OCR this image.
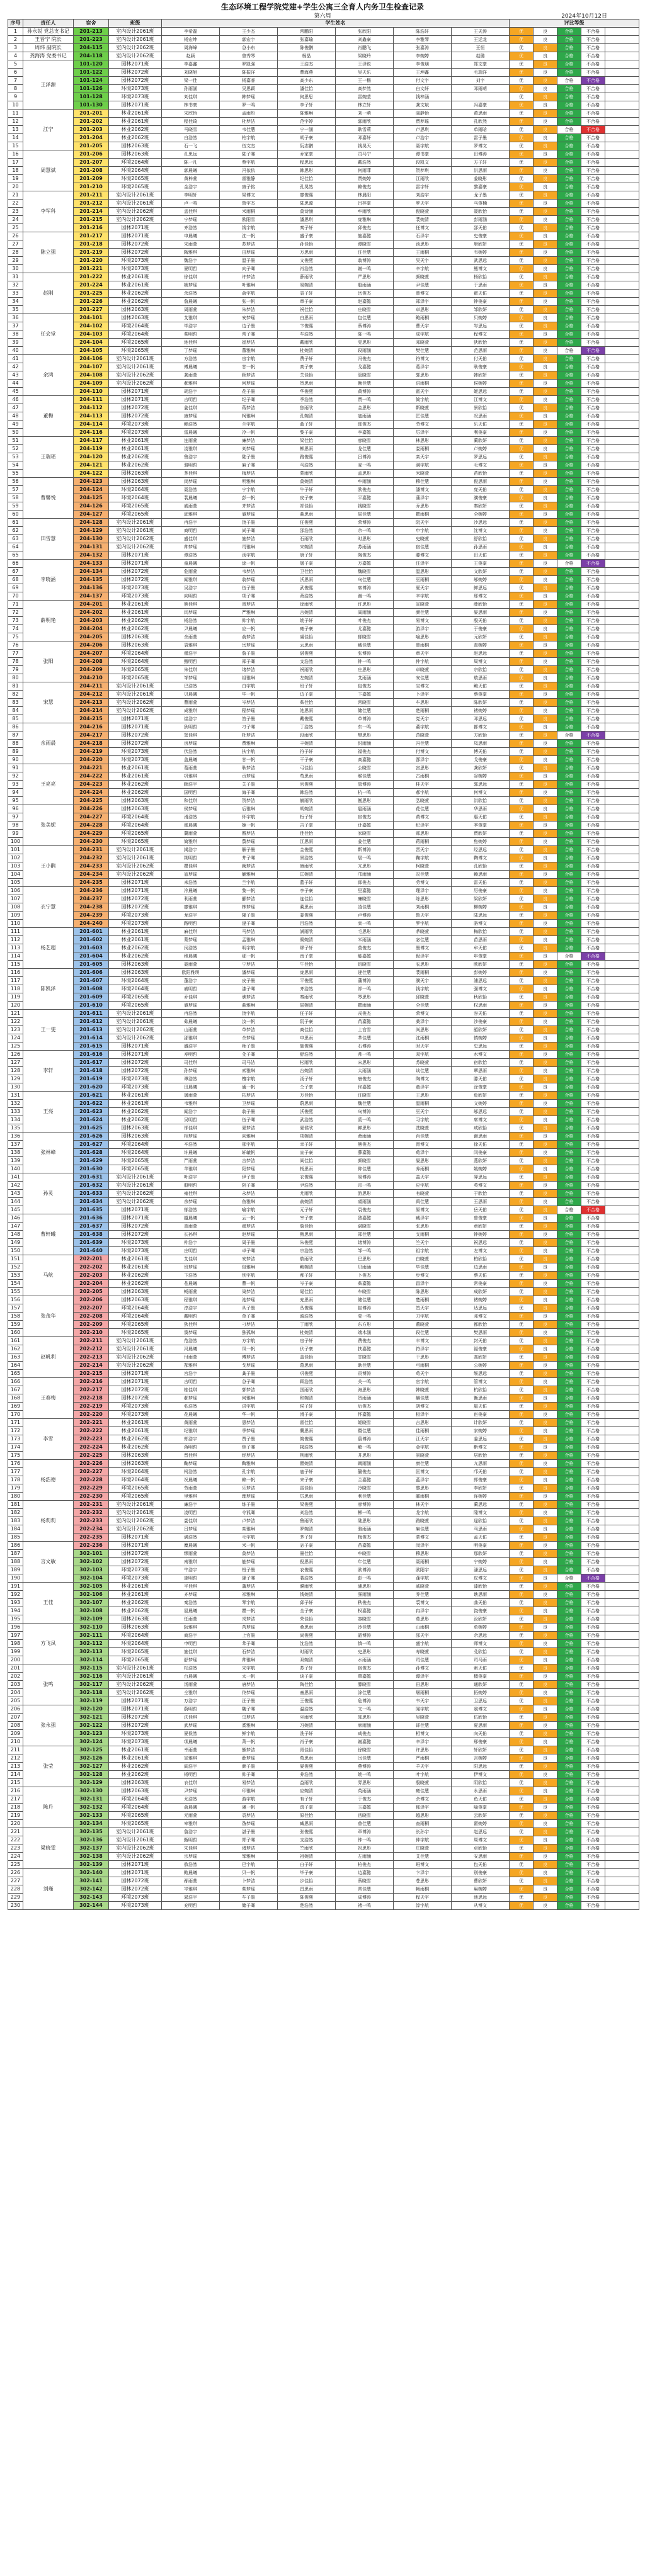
生态环境工程学院党建+学生公寓三全育人内务卫生检查记录
第六周	2024年10月12日
序号	责任人	宿舍	班级	学生姓名						评比等级				
1	孙永锐 党总支书记	201-213	室内设计2061班	李希磊	王少杰	常鹏阳	张欣阳	陈浩轩	王天涛	优	良	合格	不合格	
2	王晋宁 院长	201-223	室内设计2061班	杨宏坤	郭宏宇	张嘉瑜	刘鑫豪	李雅琴	王运龙	优	良	合格	不合格	
3	周炜 副院长	204-115	室内设计2062班	周海峰	谷小东	陈俊鹏	肖鹏飞	张嘉涛	王恒	优	良	合格	不合格	
4	龚海涛 党委书记	204-118	室内设计2062班	赵颖	曾秀琴	杨晶	梁晓玲	李婉婷	赵璐	优	良	合格	不合格	
5	王泽源	101-120	园林2071班	李嘉鑫	罗凯强	王浩杰	王泽锐	李俊朋	郑文豪	优	良	合格	不合格	
6		101-122	园林2072班	刘晓旭	陈振洋	曹海燕	吴天乐	王坤鑫	毛瑞洋	优	良	合格	不合格	
7		101-124	园林2072班	梁一佳	杨嘉睿	高少东	王一楷	付文宇	刘宇	优	良	合格	不合格	
8		101-126	环境2073班	孙雨涵	吴思颖	潘佳怡	高梦然	白文轩	邓雨萌	优	良	合格	不合格	
9		101-128	环境2073班	刘佳琪	韩梦瑶	何思思	雷婉莹	钱梓涵		优	良	合格	不合格	
10		101-130	园林2071班	林书豪	罗一鸣	李子轩	林立轩	龚文斌	冯嘉豪	优	良	合格	不合格	
11	江宁	201-201	林业2061班	宋欣怡	孟雨彤	陈雅琳	刘一萌	阎静怡	黄思雨	优	良	合格	不合格	
12		201-202	林业2061班	程佳琦	杜梦洁	范宇婷	郭雨欣	贾梦瑶	孔欣然	优	良	合格	不合格	
13		201-203	林业2062班	马晓雪	韦佳慧	宁一涵	耿雪莉	卢思琪	单雨晗	优	良	合格	不合格	
14		201-204	林业2062班	白浩然	柏宇航	胡子豪	邓嘉轩	卢浩宇	雷子墨	优	良	合格	不合格	
15		201-205	园林2063班	石一飞	伍文杰	阮志鹏	钱昊天	聂宇航	罗博文	优	良	合格	不合格	
16	周慧斌	201-206	园林2063班	孔思远	陆子骞	乔家豪	司马宁	谭书豪	田博涛	优	良	合格	不合格	
17		201-207	环境2064班	陈一凡	蔡宇航	程思远	戴浩然	段凯文	方子轩	优	良	合格	不合格	
18		201-208	环境2064班	郭晨曦	冯依依	韩思彤	何雨菲	贺梦琪	洪思雨	优	良	合格	不合格	
19		201-209	环境2065班	黄梓萱	霍雅静	纪佳怡	贾婉婷	江雨欣	姜晓彤	优	良	合格	不合格	
20		201-210	环境2065班	金浩宇	康子铭	孔昊然	赖俊杰	雷宇轩	黎嘉豪	优	良	合格	不合格	
21	李军科	201-211	室内设计2061班	李明轩	梁博文	廖俊熙	林晨阳	刘浩宇	龙子墨	优	良	合格	不合格	
22		201-212	室内设计2061班	卢一鸣	鲁宇杰	陆思源	吕梓豪	罗天宇	马俊楠	优	良	合格	不合格	
23		201-214	室内设计2062班	孟佳琪	米雨桐	莫诗涵	牟雨欣	倪晓萱	聂欣怡	优	良	合格	不合格	
24		201-215	室内设计2062班	宁梦瑶	欧阳雪	潘思琪	庞雅琳	裴婉清	彭雨涵	优	良	合格	不合格	
25		201-216	园林2071班	齐浩然	钱宇航	秦子轩	邱俊杰	任博文	邵天佑	优	良	合格	不合格	
26	陈立强	201-217	园林2071班	申晨曦	沈一帆	盛子豪	施嘉懿	石泽宇	史俊豪	优	良	合格	不合格	
27		201-218	园林2072班	宋雨萱	苏梦洁	孙佳怡	谭晓雪	汤思彤	唐欣妍	优	良	合格	不合格	
28		201-219	园林2072班	陶雅琪	田梦瑶	万思雨	汪佳慧	王雨桐	韦婉婷	优	良	合格	不合格	
29		201-220	环境2073班	魏浩宇	温子墨	文俊熙	翁博涛	吴天宇	武思远	优	良	合格	不合格	
30		201-221	环境2073班	夏明哲	向子骞	肖浩然	谢一鸣	辛宇航	熊博文	优	良	合格	不合格	
31	赵刚	201-222	林业2061班	徐佳琪	许梦洁	薛雨欣	严思彤	颜晓萱	杨欣怡	优	良	合格	不合格	
32		201-224	林业2061班	姚梦瑶	叶雅琳	易婉清	殷雨涵	尹佳慧	于思雨	优	良	合格	不合格	
33		201-225	林业2062班	余浩然	俞宇航	袁子轩	岳俊杰	曾博文	翟天佑	优	良	合格	不合格	
34		201-226	林业2062班	詹晨曦	张一帆	章子豪	赵嘉懿	郑泽宇	钟俊豪	优	良	合格	不合格	
35		201-227	园林2063班	周雨萱	朱梦洁	祝佳怡	庄晓雪	卓思彤	邹欣妍	优	良	合格	不合格	
36	任会堂	204-101	园林2063班	艾雅琪	安梦瑶	白思雨	包佳慧	鲍雨桐	贝婉婷	优	良	合格	不合格	
37		204-102	环境2064班	毕浩宇	边子墨	卞俊熙	蔡博涛	曹天宇	岑思远	优	良	合格	不合格	
38		204-103	环境2064班	柴明哲	常子骞	车浩然	陈一鸣	成宇航	程博文	优	良	合格	不合格	
39		204-104	环境2065班	池佳琪	崔梦洁	戴雨欣	党思彤	邓晓萱	狄欣怡	优	良	合格	不合格	
40		204-105	环境2065班	丁梦瑶	董雅琳	杜婉清	段雨涵	樊佳慧	范思雨	优	良	合格	不合格	
41	余鸿	204-106	室内设计2061班	方浩然	房宇航	费子轩	冯俊杰	符博文	付天佑	优	良	合格	不合格	
42		204-107	室内设计2061班	傅晨曦	甘一帆	高子豪	戈嘉懿	葛泽宇	耿俊豪	优	良	合格	不合格	
43		204-108	室内设计2062班	龚雨萱	顾梦洁	关佳怡	管晓雪	郭思彤	韩欣妍	优	良	合格	不合格	
44		204-109	室内设计2062班	郝雅琪	何梦瑶	贺思雨	衡佳慧	洪雨桐	侯婉婷	优	良	合格	不合格	
45		204-110	园林2071班	胡浩宇	花子墨	华俊熙	黄博涛	霍天宇	姬思远	优	良	合格	不合格	
46	董梅	204-111	园林2071班	吉明哲	纪子骞	季浩然	贾一鸣	简宇航	江博文	优	良	合格	不合格	
47		204-112	园林2072班	姜佳琪	蒋梦洁	焦雨欣	金思彤	靳晓萱	景欣怡	优	良	合格	不合格	
48		204-113	园林2072班	康梦瑶	柯雅琳	孔婉清	寇雨涵	匡佳慧	况思雨	优	良	合格	不合格	
49		204-114	环境2073班	赖浩然	兰宇航	蓝子轩	郎俊杰	劳博文	乐天佑	优	良	合格	不合格	
50		204-116	环境2073班	雷晨曦	冷一帆	黎子豪	李嘉懿	厉泽宇	利俊豪	优	良	合格	不合格	
51	王瑞瑶	204-117	林业2061班	连雨萱	廉梦洁	梁佳怡	廖晓雪	林思彤	蔺欣妍	优	良	合格	不合格	
52		204-119	林业2061班	凌雅琪	刘梦瑶	柳思雨	龙佳慧	娄雨桐	卢婉婷	优	良	合格	不合格	
53		204-120	林业2062班	鲁浩宇	陆子墨	路俊熙	吕博涛	栾天宇	罗思远	优	良	合格	不合格	
54		204-121	林业2062班	骆明哲	麻子骞	马浩然	麦一鸣	满宇航	毛博文	优	良	合格	不合格	
55		204-122	园林2063班	茅佳琪	梅梦洁	蒙雨欣	孟思彤	米晓萱	苗欣怡	优	良	合格	不合格	
56	曹馨悦	204-123	园林2063班	闵梦瑶	明雅琳	莫婉清	牟雨涵	穆佳慧	倪思雨	优	良	合格	不合格	
57		204-124	环境2064班	聂浩然	宁宇航	牛子轩	欧俊杰	潘博文	庞天佑	优	良	合格	不合格	
58		204-125	环境2064班	裴晨曦	彭一帆	皮子豪	平嘉懿	蒲泽宇	濮俊豪	优	良	合格	不合格	
59		204-126	环境2065班	戚雨萱	齐梦洁	祁佳怡	钱晓雪	乔思彤	秦欣妍	优	良	合格	不合格	
60		204-127	环境2065班	邱雅琪	裘梦瑶	曲思雨	屈佳慧	瞿雨桐	全婉婷	优	良	合格	不合格	
61	田雪慧	204-128	室内设计2061班	冉浩宇	饶子墨	任俊熙	荣博涛	阮天宇	沙思远	优	良	合格	不合格	
62		204-129	室内设计2061班	商明哲	尚子骞	邵浩然	佘一鸣	申宇航	沈博文	优	良	合格	不合格	
63		204-130	室内设计2062班	盛佳琪	施梦洁	石雨欣	时思彤	史晓萱	舒欣怡	优	良	合格	不合格	
64		204-131	室内设计2062班	帅梦瑶	司雅琳	宋婉清	苏雨涵	宿佳慧	孙思雨	优	良	合格	不合格	
65		204-132	园林2071班	谭浩然	汤宇航	唐子轩	陶俊杰	滕博文	田天佑	优	良	合格	不合格	
66	李晓涵	204-133	园林2071班	童晨曦	涂一帆	屠子豪	万嘉懿	汪泽宇	王俊豪	优	良	合格	不合格	
67		204-134	园林2072班	危雨萱	韦梦洁	卫佳怡	魏晓雪	温思彤	文欣妍	优	良	合格	不合格	
68		204-135	园林2072班	闻雅琪	翁梦瑶	沃思雨	乌佳慧	巫雨桐	邬婉婷	优	良	合格	不合格	
69		204-136	环境2073班	吴浩宇	伍子墨	武俊熙	席博涛	夏天宇	鲜思远	优	良	合格	不合格	
70		204-137	环境2073班	向明哲	项子骞	萧浩然	谢一鸣	辛宇航	邢博文	优	良	合格	不合格	
71	薛明艳	204-201	林业2061班	熊佳琪	胥梦洁	徐雨欣	许思彤	宣晓萱	薛欣怡	优	良	合格	不合格	
72		204-202	林业2061班	闫梦瑶	严雅琳	言婉清	阎雨涵	颜佳慧	晏思雨	优	良	合格	不合格	
73		204-203	林业2062班	杨浩然	仰宇航	姚子轩	叶俊杰	易博文	殷天佑	优	良	合格	不合格	
74		204-204	林业2062班	尹晨曦	应一帆	雍子豪	尤嘉懿	游泽宇	于俊豪	优	良	合格	不合格	
75		204-205	园林2063班	余雨萱	俞梦洁	虞佳怡	郁晓雪	喻思彤	元欣妍	优	良	合格	不合格	
76	张阳	204-206	园林2063班	袁雅琪	岳梦瑶	云思雨	臧佳慧	曾雨桐	查婉婷	优	良	合格	不合格	
77		204-207	环境2064班	翟浩宇	詹子墨	湛俊熙	张博涛	章天宇	赵思远	优	良	合格	不合格	
78		204-208	环境2064班	甄明哲	郑子骞	支浩然	钟一鸣	仲宇航	周博文	优	良	合格	不合格	
79		204-209	环境2065班	朱佳琪	诸梦洁	祝雨欣	庄思彤	卓晓萱	宗欣怡	优	良	合格	不合格	
80		204-210	环境2065班	邹梦瑶	祖雅琳	左婉清	艾雨涵	安佳慧	敖思雨	优	良	合格	不合格	
81	宋慧	204-211	室内设计2061班	巴浩然	白宇航	班子轩	包俊杰	宝博文	鲍天佑	优	良	合格	不合格	
82		204-212	室内设计2061班	贝晨曦	毕一帆	边子豪	卞嘉懿	卜泽宇	蔡俊豪	优	良	合格	不合格	
83		204-213	室内设计2062班	曹雨萱	岑梦洁	柴佳怡	常晓雪	车思彤	陈欣妍	优	良	合格	不合格	
84		204-214	室内设计2062班	成雅琪	程梦瑶	池思雨	储佳慧	楚雨桐	褚婉婷	优	良	合格	不合格	
85		204-215	园林2071班	崔浩宇	笪子墨	戴俊熙	单博涛	党天宇	邓思远	优	良	合格	不合格	
86	余雨晨	204-216	园林2071班	狄明哲	刁子骞	丁浩然	东一鸣	董宇航	都博文	优	良	合格	不合格	
87		204-217	园林2072班	窦佳琪	杜梦洁	段雨欣	樊思彤	范晓萱	方欣怡	优	良	合格	不合格	
88		204-218	园林2072班	房梦瑶	费雅琳	丰婉清	封雨涵	冯佳慧	凤思雨	优	良	合格	不合格	
89		204-219	环境2073班	伏浩然	扶宇航	符子轩	福俊杰	付博文	傅天佑	优	良	合格	不合格	
90		204-220	环境2073班	盖晨曦	甘一帆	干子豪	高嘉懿	郜泽宇	戈俊豪	优	良	合格	不合格	
91	王亮亮	204-221	林业2061班	葛雨萱	耿梦洁	弓佳怡	公晓雪	宫思彤	龚欣妍	优	良	合格	不合格	
92		204-222	林业2061班	巩雅琪	贡梦瑶	苟思雨	缑佳慧	古雨桐	谷婉婷	优	良	合格	不合格	
93		204-223	林业2062班	顾浩宇	关子墨	官俊熙	管博涛	桂天宇	郭思远	优	良	合格	不合格	
94		204-224	林业2062班	国明哲	海子骞	韩浩然	杭一鸣	郝宇航	何博文	优	良	合格	不合格	
95		204-225	园林2063班	和佳琪	贺梦洁	赫雨欣	衡思彤	弘晓萱	洪欣怡	优	良	合格	不合格	
96	张美妮	204-226	园林2063班	侯梦瑶	后雅琳	胡婉清	扈雨涵	花佳慧	华思雨	优	良	合格	不合格	
97		204-227	环境2064班	滑浩然	怀宇航	桓子轩	宦俊杰	黄博文	惠天佑	优	良	合格	不合格	
98		204-228	环境2064班	霍晨曦	姬一帆	吉子豪	计嘉懿	纪泽宇	季俊豪	优	良	合格	不合格	
99		204-229	环境2065班	冀雨萱	暨梦洁	佳佳怡	家晓雪	郏思彤	贾欣妍	优	良	合格	不合格	
100		204-230	环境2065班	简雅琪	翦梦瑶	江思雨	姜佳慧	蒋雨桐	焦婉婷	优	良	合格	不合格	
101	王小鹃	204-231	室内设计2061班	揭浩宇	解子墨	金俊熙	靳博涛	晋天宇	经思远	优	良	合格	不合格	
102		204-232	室内设计2061班	荆明哲	井子骞	景浩然	居一鸣	鞠宇航	鞫博文	优	良	合格	不合格	
103		204-233	室内设计2062班	瞿佳琪	阚梦洁	康雨欣	亢思彤	柯晓萱	孔欣怡	优	良	合格	不合格	
104		204-234	室内设计2062班	寇梦瑶	蒯雅琳	匡婉清	邝雨涵	况佳慧	赖思雨	优	良	合格	不合格	
105		204-235	园林2071班	来浩然	兰宇航	蓝子轩	郎俊杰	劳博文	雷天佑	优	良	合格	不合格	
106	衣宁慧	204-236	园林2071班	冷晨曦	黎一帆	李子豪	里嘉懿	理泽宇	厉俊豪	优	良	合格	不合格	
107		204-237	园林2072班	利雨萱	郦梦洁	连佳怡	廉晓雪	练思彤	梁欣妍	优	良	合格	不合格	
108		204-238	园林2072班	廖雅琪	林梦瑶	蔺思雨	凌佳慧	刘雨桐	柳婉婷	优	良	合格	不合格	
109		204-239	环境2073班	龙浩宇	隆子墨	娄俊熙	卢博涛	鲁天宇	陆思远	优	良	合格	不合格	
110		204-240	环境2073班	路明哲	逯子骞	吕浩然	栾一鸣	罗宇航	骆博文	优	良	合格	不合格	
111	杨艺超	201-601	林业2061班	麻佳琪	马梦洁	满雨欣	毛思彤	茅晓萱	梅欣怡	优	良	合格	不合格	
112		201-602	林业2061班	蒙梦瑶	孟雅琳	糜婉清	米雨涵	宓佳慧	苗思雨	优	良	合格	不合格	
113		201-603	林业2062班	闵浩然	明宇航	缪子轩	莫俊杰	墨博文	牟天佑	优	良	合格	不合格	
114		201-604	林业2062班	穆晨曦	那一帆	南子豪	能嘉懿	倪泽宇	年俊豪	优	良	合格	不合格	
115		201-605	园林2063班	聂雨萱	宁梦洁	牛佳怡	钮晓雪	农思彤	欧欣妍	优	良	合格	不合格	
116	陈凯泽	201-606	园林2063班	欧阳雅琪	潘梦瑶	庞思雨	逄佳慧	裴雨桐	彭婉婷	优	良	合格	不合格	
117		201-607	环境2064班	蓬浩宇	皮子墨	平俊熙	蒲博涛	濮天宇	浦思远	优	良	合格	不合格	
118		201-608	环境2064班	戚明哲	漆子骞	齐浩然	祁一鸣	钱宇航	强博文	优	良	合格	不合格	
119		201-609	环境2065班	乔佳琪	谯梦洁	秦雨欣	琴思彤	邱晓萱	秋欣怡	优	良	合格	不合格	
120		201-610	环境2065班	裘梦瑶	曲雅琳	屈婉清	瞿雨涵	全佳慧	权思雨	优	良	合格	不合格	
121	王一雯	201-611	室内设计2061班	冉浩然	饶宇航	任子轩	戎俊杰	荣博文	容天佑	优	良	合格	不合格	
122		201-612	室内设计2061班	茹晨曦	汝一帆	阮子豪	芮嘉懿	桑泽宇	沙俊豪	优	良	合格	不合格	
123		201-613	室内设计2062班	山雨萱	单梦洁	商佳怡	上官雪	尚思彤	韶欣妍	优	良	合格	不合格	
124		201-614	室内设计2062班	邵雅琪	佘梦瑶	申思雨	莘佳慧	沈雨桐	慎婉婷	优	良	合格	不合格	
125		201-615	园林2071班	盛浩宇	师子墨	施俊熙	石博涛	时天宇	史思远	优	良	合格	不合格	
126	李轩	201-616	园林2071班	寿明哲	殳子骞	舒浩然	帅一鸣	双宇航	水博文	优	良	合格	不合格	
127		201-617	园林2072班	司佳琪	司马洁	松雨欣	宋思彤	苏晓萱	宿欣怡	优	良	合格	不合格	
128		201-618	园林2072班	孙梦瑶	索雅琳	台婉清	太雨涵	谈佳慧	覃思雨	优	良	合格	不合格	
129		201-619	环境2073班	谭浩然	檀宇航	汤子轩	唐俊杰	陶博文	滕天佑	优	良	合格	不合格	
130		201-620	环境2073班	田晨曦	通一帆	仝子豪	佟嘉懿	童泽宇	涂俊豪	优	良	合格	不合格	
131	王亮	201-621	林业2061班	屠雨萱	拓梦洁	万佳怡	汪晓雪	王思彤	危欣妍	优	良	合格	不合格	
132		201-622	林业2061班	韦雅琪	卫梦瑶	蔚思雨	魏佳慧	温雨桐	文婉婷	优	良	合格	不合格	
133		201-623	林业2062班	闻浩宇	翁子墨	沃俊熙	乌博涛	巫天宇	邬思远	优	良	合格	不合格	
134		201-624	林业2062班	吴明哲	伍子骞	武浩然	奚一鸣	习宇航	席博文	优	良	合格	不合格	
135		201-625	园林2063班	郤佳琪	夏梦洁	夏侯欣	鲜思彤	冼晓萱	咸欣怡	优	良	合格	不合格	
136	张林峰	201-626	园林2063班	相梦瑶	向雅琳	项婉清	萧雨涵	肖佳慧	谢思雨	优	良	合格	不合格	
137		201-627	环境2064班	辛浩然	邢宇航	幸子轩	熊俊杰	胥博文	徐天佑	优	良	合格	不合格	
138		201-628	环境2064班	许晨曦	轩辕帆	宣子豪	薛嘉懿	荀泽宇	闫俊豪	优	良	合格	不合格	
139		201-629	环境2065班	严雨萱	言梦洁	阎佳怡	颜晓雪	晏思彤	燕欣妍	优	良	合格	不合格	
140		201-630	环境2065班	羊雅琪	阳梦瑶	杨思雨	仰佳慧	养雨桐	姚婉婷	优	良	合格	不合格	
141	孙灵	201-631	室内设计2061班	叶浩宇	伊子墨	衣俊熙	易博涛	益天宇	羿思远	优	良	合格	不合格	
142		201-632	室内设计2061班	殷明哲	阴子骞	尹浩然	印一鸣	应宇航	英博文	优	良	合格	不合格	
143		201-633	室内设计2062班	雍佳琪	永梦洁	尤雨欣	游思彤	有晓萱	于欣怡	优	良	合格	不合格	
144		201-634	室内设计2062班	余梦瑶	鱼雅琳	俞婉清	虞雨涵	禹佳慧	玉思雨	优	良	合格	不合格	
145		201-635	园林2071班	郁浩然	喻宇航	元子轩	袁俊杰	原博文	岳天佑	优	良	合格	不合格	
146	曹轩曦	201-636	园林2071班	越晨曦	云一帆	宰子豪	昝嘉懿	臧泽宇	曾俊豪	优	良	合格	不合格	
147		201-637	园林2072班	查雨萱	翟梦洁	詹佳怡	湛晓雪	张思彤	章欣妍	优	良	合格	不合格	
148		201-638	园林2072班	长孙琪	赵梦瑶	甄思雨	郑佳慧	支雨桐	钟婉婷	优	良	合格	不合格	
149		201-639	环境2073班	仲浩宇	周子墨	朱俊熙	诸博涛	竺天宇	祝思远	优	良	合格	不合格	
150		201-640	环境2073班	庄明哲	卓子骞	宗浩然	邹一鸣	祖宇航	左博文	优	良	合格	不合格	
151	马航	202-201	林业2061班	艾佳琪	安梦洁	敖雨欣	巴思彤	白晓萱	柏欣怡	优	良	合格	不合格	
152		202-202	林业2061班	班梦瑶	包雅琳	鲍婉清	贝雨涵	毕佳慧	边思雨	优	良	合格	不合格	
153		202-203	林业2062班	卞浩然	别宇航	邴子轩	卜俊杰	步博文	蔡天佑	优	良	合格	不合格	
154		202-204	林业2062班	苍晨曦	曹一帆	岑子豪	柴嘉懿	昌泽宇	常俊豪	优	良	合格	不合格	
155		202-205	园林2063班	畅雨萱	巢梦洁	晁佳怡	车晓雪	陈思彤	成欣妍	优	良	合格	不合格	
156	张茂华	202-206	园林2063班	程雅琪	池梦瑶	充思雨	储佳慧	楚雨桐	褚婉婷	优	良	合格	不合格	
157		202-207	环境2064班	淳浩宇	从子墨	丛俊熙	崔博涛	笪天宇	达思远	优	良	合格	不合格	
158		202-208	环境2064班	戴明哲	单子骞	澹浩然	党一鸣	刀宇航	邓博文	优	良	合格	不合格	
159		202-209	环境2065班	狄佳琪	刁梦洁	丁雨欣	东方彤	董晓萱	都欣怡	优	良	合格	不合格	
160		202-210	环境2065班	窦梦瑶	独孤琳	杜婉清	端木涵	段佳慧	樊思雨	优	良	合格	不合格	
161	赵帆利	202-211	室内设计2061班	范浩然	方宇航	房子轩	费俊杰	丰博文	封天佑	优	良	合格	不合格	
162		202-212	室内设计2061班	冯晨曦	凤一帆	伏子豪	扶嘉懿	符泽宇	福俊豪	优	良	合格	不合格	
163		202-213	室内设计2062班	付雨萱	傅梦洁	盖佳怡	甘晓雪	干思彤	高欣妍	优	良	合格	不合格	
164		202-214	室内设计2062班	郜雅琪	戈梦瑶	葛思雨	耿佳慧	弓雨桐	公婉婷	优	良	合格	不合格	
165		202-215	园林2071班	宫浩宇	龚子墨	巩俊熙	贡博涛	苟天宇	缑思远	优	良	合格	不合格	
166	王春梅	202-216	园林2071班	古明哲	谷子骞	顾浩然	关一鸣	官宇航	管博文	优	良	合格	不合格	
167		202-217	园林2072班	桂佳琪	郭梦洁	国雨欣	海思彤	韩晓萱	杭欣怡	优	良	合格	不合格	
168		202-218	园林2072班	郝梦瑶	何雅琳	和婉清	贺雨涵	赫佳慧	衡思雨	优	良	合格	不合格	
169		202-219	环境2073班	弘浩然	洪宇航	侯子轩	后俊杰	胡博文	扈天佑	优	良	合格	不合格	
170		202-220	环境2073班	花晨曦	华一帆	滑子豪	怀嘉懿	桓泽宇	宦俊豪	优	良	合格	不合格	
171	李雪	202-221	林业2061班	黄雨萱	惠梦洁	霍佳怡	姬晓雪	吉思彤	计欣妍	优	良	合格	不合格	
172		202-222	林业2061班	纪雅琪	季梦瑶	冀思雨	暨佳慧	佳雨桐	家婉婷	优	良	合格	不合格	
173		202-223	林业2062班	郏浩宇	贾子墨	简俊熙	翦博涛	江天宇	姜思远	优	良	合格	不合格	
174		202-224	林业2062班	蒋明哲	焦子骞	揭浩然	解一鸣	金宇航	靳博文	优	良	合格	不合格	
175		202-225	园林2063班	晋佳琪	经梦洁	荆雨欣	井思彤	景晓萱	居欣怡	优	良	合格	不合格	
176	杨浩德	202-226	园林2063班	鞠梦瑶	鞫雅琳	瞿婉清	阚雨涵	康佳慧	亢思雨	优	良	合格	不合格	
177		202-227	环境2064班	柯浩然	孔宇航	寇子轩	蒯俊杰	匡博文	邝天佑	优	良	合格	不合格	
178		202-228	环境2064班	况晨曦	赖一帆	来子豪	兰嘉懿	蓝泽宇	郎俊豪	优	良	合格	不合格	
179		202-229	环境2065班	劳雨萱	乐梦洁	雷佳怡	冷晓雪	黎思彤	李欣妍	优	良	合格	不合格	
180		202-230	环境2065班	里雅琪	理梦瑶	厉思雨	利佳慧	郦雨桐	连婉婷	优	良	合格	不合格	
181	杨莉莉	202-231	室内设计2061班	廉浩宇	练子墨	梁俊熙	廖博涛	林天宇	蔺思远	优	良	合格	不合格	
182		202-232	室内设计2061班	凌明哲	令狐骞	刘浩然	柳一鸣	龙宇航	隆博文	优	良	合格	不合格	
183		202-233	室内设计2062班	娄佳琪	卢梦洁	鲁雨欣	陆思彤	路晓萱	逯欣怡	优	良	合格	不合格	
184		202-234	室内设计2062班	吕梦瑶	栾雅琳	罗婉清	骆雨涵	麻佳慧	马思雨	优	良	合格	不合格	
185		202-235	园林2071班	满浩然	毛宇航	茅子轩	梅俊杰	蒙博文	孟天佑	优	良	合格	不合格	
186	言文敏	202-236	园林2071班	糜晨曦	米一帆	宓子豪	苗嘉懿	闵泽宇	明俊豪	优	良	合格	不合格	
187		302-101	园林2072班	缪雨萱	莫梦洁	墨佳怡	牟晓雪	穆思彤	那欣妍	优	良	合格	不合格	
188		302-102	园林2072班	南雅琪	能梦瑶	倪思雨	年佳慧	聂雨桐	宁婉婷	优	良	合格	不合格	
189		302-103	环境2073班	牛浩宇	钮子墨	农俊熙	欧博涛	欧阳宇	潘思远	优	良	合格	不合格	
190		302-104	环境2073班	庞明哲	逄子骞	裴浩然	彭一鸣	蓬宇航	皮博文	优	良	合格	不合格	
191	王佳	302-105	林业2061班	平佳琪	蒲梦洁	濮雨欣	浦思彤	戚晓萱	漆欣怡	优	良	合格	不合格	
192		302-106	林业2061班	齐梦瑶	祁雅琳	钱婉清	强雨涵	乔佳慧	谯思雨	优	良	合格	不合格	
193		302-107	林业2062班	秦浩然	琴宇航	邱子轩	秋俊杰	裘博文	曲天佑	优	良	合格	不合格	
194		302-108	林业2062班	屈晨曦	瞿一帆	全子豪	权嘉懿	冉泽宇	饶俊豪	优	良	合格	不合格	
195		302-109	园林2063班	任雨萱	戎梦洁	荣佳怡	容晓雪	茹思彤	汝欣妍	优	良	合格	不合格	
196	方飞凤	302-110	园林2063班	阮雅琪	芮梦瑶	桑思雨	沙佳慧	山雨桐	单婉婷	优	良	合格	不合格	
197		302-111	环境2064班	商浩宇	上官墨	尚俊熙	韶博涛	邵天宇	佘思远	优	良	合格	不合格	
198		302-112	环境2064班	申明哲	莘子骞	沈浩然	慎一鸣	盛宇航	师博文	优	良	合格	不合格	
199		302-113	环境2065班	施佳琪	石梦洁	时雨欣	史思彤	寿晓萱	殳欣怡	优	良	合格	不合格	
200		302-114	环境2065班	舒梦瑶	帅雅琳	双婉清	水雨涵	司佳慧	司马雨	优	良	合格	不合格	
201	张鸣	302-115	室内设计2061班	松浩然	宋宇航	苏子轩	宿俊杰	孙博文	索天佑	优	良	合格	不合格	
202		302-116	室内设计2061班	台晨曦	太一帆	谈子豪	覃嘉懿	谭泽宇	檀俊豪	优	良	合格	不合格	
203		302-117	室内设计2062班	汤雨萱	唐梦洁	陶佳怡	滕晓雪	田思彤	通欣妍	优	良	合格	不合格	
204		302-118	室内设计2062班	仝雅琪	佟梦瑶	童思雨	涂佳慧	屠雨桐	拓婉婷	优	良	合格	不合格	
205		302-119	园林2071班	万浩宇	汪子墨	王俊熙	危博涛	韦天宇	卫思远	优	良	合格	不合格	
206	张永强	302-120	园林2071班	蔚明哲	魏子骞	温浩然	文一鸣	闻宇航	翁博文	优	良	合格	不合格	
207		302-121	园林2072班	沃佳琪	乌梦洁	巫雨欣	邬思彤	吴晓萱	伍欣怡	优	良	合格	不合格	
208		302-122	园林2072班	武梦瑶	奚雅琳	习婉清	席雨涵	郤佳慧	夏思雨	优	良	合格	不合格	
209		302-123	环境2073班	夏侯然	鲜宇航	冼子轩	咸俊杰	相博文	向天佑	优	良	合格	不合格	
210		302-124	环境2073班	项晨曦	萧一帆	肖子豪	谢嘉懿	辛泽宇	邢俊豪	优	良	合格	不合格	
211	张莹	302-125	林业2061班	幸雨萱	熊梦洁	胥佳怡	徐晓雪	许思彤	轩欣妍	优	良	合格	不合格	
212		302-126	林业2061班	宣雅琪	薛梦瑶	荀思雨	闫佳慧	严雨桐	言婉婷	优	良	合格	不合格	
213		302-127	林业2062班	阎浩宇	颜子墨	晏俊熙	燕博涛	羊天宇	阳思远	优	良	合格	不合格	
214		302-128	林业2062班	杨明哲	仰子骞	养浩然	姚一鸣	叶宇航	伊博文	优	良	合格	不合格	
215		302-129	园林2063班	衣佳琪	易梦洁	益雨欣	羿思彤	殷晓萱	阴欣怡	优	良	合格	不合格	
216	陈丹	302-130	园林2063班	尹梦瑶	印雅琳	应婉清	英雨涵	雍佳慧	永思雨	优	良	合格	不合格	
217		302-131	环境2064班	尤浩然	游宇航	有子轩	于俊杰	余博文	鱼天佑	优	良	合格	不合格	
218		302-132	环境2064班	俞晨曦	虞一帆	禹子豪	玉嘉懿	郁泽宇	喻俊豪	优	良	合格	不合格	
219		302-133	环境2065班	元雨萱	袁梦洁	原佳怡	岳晓雪	越思彤	云欣妍	优	良	合格	不合格	
220		302-134	环境2065班	宰雅琪	昝梦瑶	臧思雨	曾佳慧	查雨桐	翟婉婷	优	良	合格	不合格	
221	梁晓雯	302-135	室内设计2061班	詹浩宇	湛子墨	张俊熙	章博涛	长孙宇	赵思远	优	良	合格	不合格	
222		302-136	室内设计2061班	甄明哲	郑子骞	支浩然	钟一鸣	仲宇航	周博文	优	良	合格	不合格	
223		302-137	室内设计2062班	朱佳琪	诸梦洁	竺雨欣	祝思彤	庄晓萱	卓欣怡	优	良	合格	不合格	
224		302-138	室内设计2062班	宗梦瑶	邹雅琳	祖婉清	左雨涵	艾佳慧	安思雨	优	良	合格	不合格	
225		302-139	园林2071班	敖浩然	巴宇航	白子轩	柏俊杰	班博文	包天佑	优	良	合格	不合格	
226	刘瑾	302-140	园林2071班	鲍晨曦	贝一帆	毕子豪	边嘉懿	卞泽宇	别俊豪	优	良	合格	不合格	
227		302-141	园林2072班	邴雨萱	卜梦洁	步佳怡	蔡晓雪	苍思彤	曹欣妍	优	良	合格	不合格	
228		302-142	园林2072班	岑雅琪	柴梦瑶	昌思雨	常佳慧	畅雨桐	巢婉婷	优	良	合格	不合格	
229		302-143	环境2073班	晁浩宇	车子墨	陈俊熙	成博涛	程天宇	池思远	优	良	合格	不合格	
230		302-144	环境2073班	充明哲	储子骞	楚浩然	褚一鸣	淳宇航	从博文	优	良	合格	不合格	
